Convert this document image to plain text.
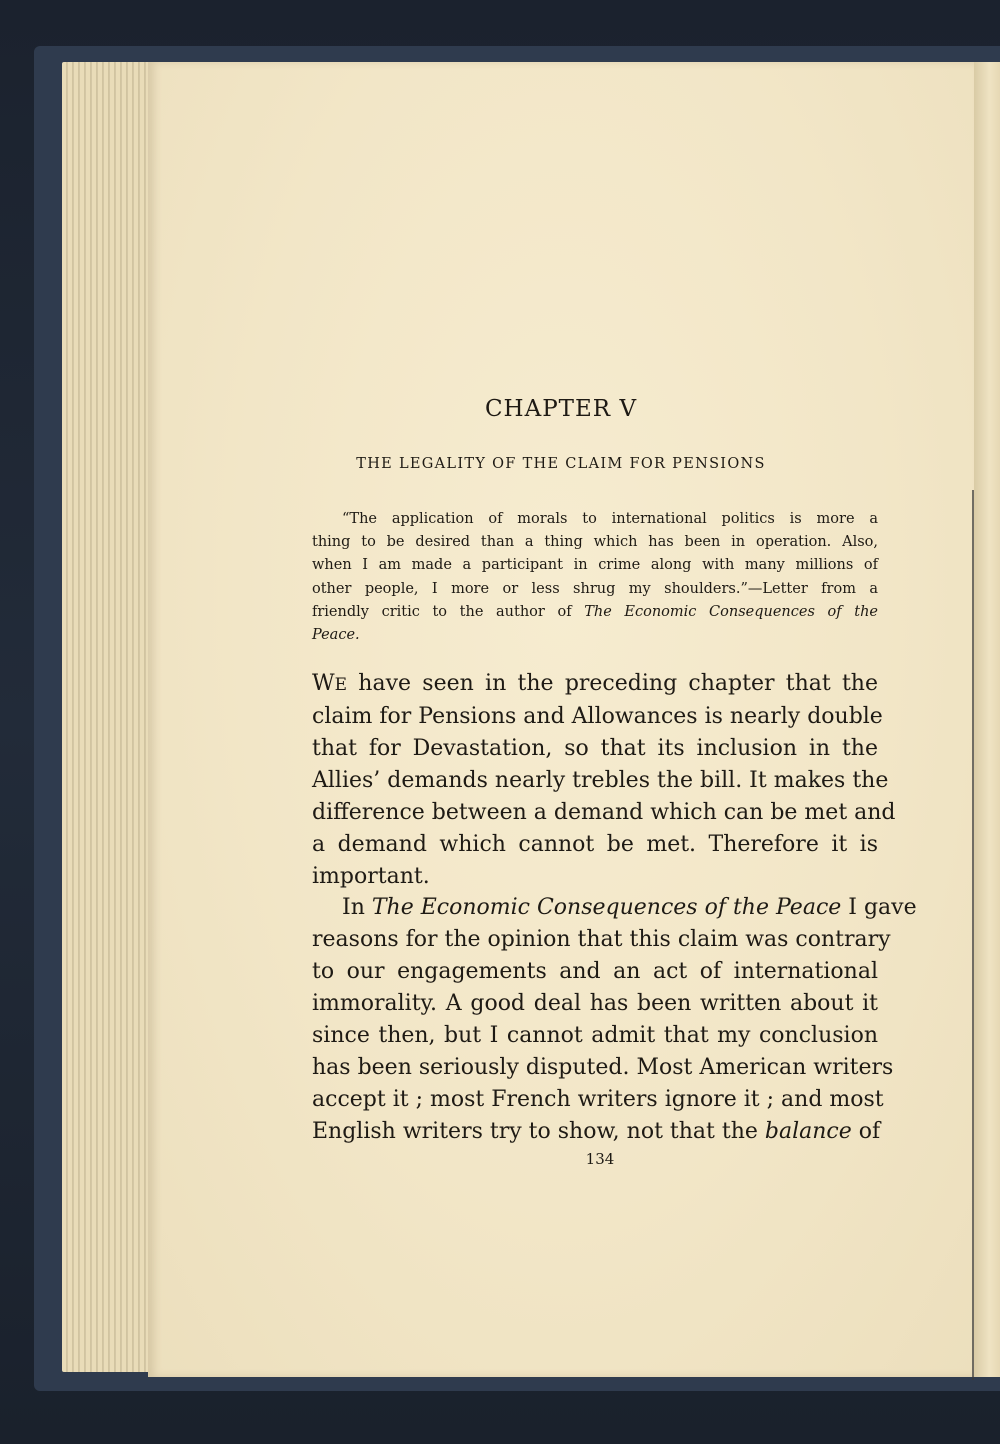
CHAPTER V
THE LEGALITY OF THE CLAIM FOR PENSIONS
“The application of morals to international politics is more a
thing to be desired than a thing which has been in operation. Also,
when I am made a participant in crime along with many millions of
other people, I more or less shrug my shoulders.”—Letter from a
friendly critic to the author of The Economic Consequences of the
Peace.
WE have seen in the preceding chapter that the
claim for Pensions and Allowances is nearly double
that for Devastation, so that its inclusion in the
Allies’ demands nearly trebles the bill. It makes the
difference between a demand which can be met and
a demand which cannot be met. Therefore it is
important.
In The Economic Consequences of the Peace I gave
reasons for the opinion that this claim was contrary
to our engagements and an act of international
immorality. A good deal has been written about it
since then, but I cannot admit that my conclusion
has been seriously disputed. Most American writers
accept it ; most French writers ignore it ; and most
English writers try to show, not that the balance of
134
